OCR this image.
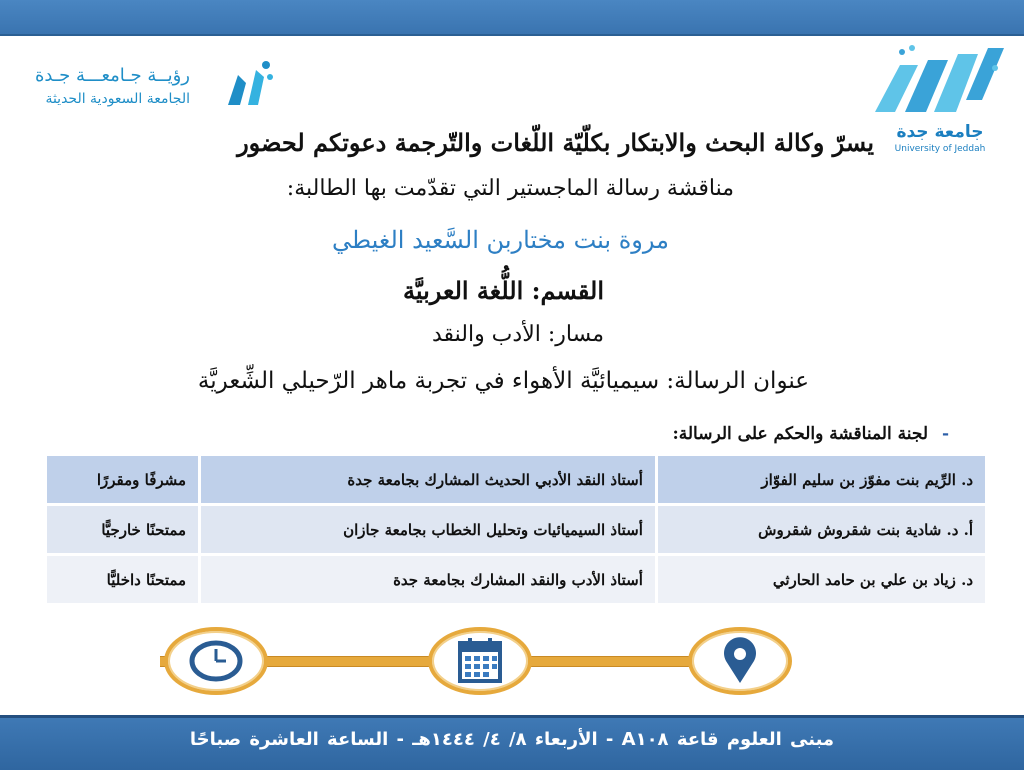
رؤيــة جـامعـــة جـدة
الجامعة السعودية الحديثة
جامعة جدة
University of Jeddah
يسرّ وكالة البحث والابتكار بكلّيّة اللّغات والتّرجمة دعوتكم لحضور
مناقشة رسالة الماجستير التي تقدّمت بها الطالبة:
مروة بنت مختاربن السَّعيد الغيطي
القسم: اللُّغة العربيَّة
مسار: الأدب والنقد
عنوان الرسالة: سيميائيَّة الأهواء في تجربة ماهر الرّحيلي الشِّعريَّة
- لجنة المناقشة والحكم على الرسالة:
د. الرِّيم بنت مفوّز بن سليم الفوّاز	أستاذ النقد الأدبي الحديث المشارك بجامعة جدة	مشرفًا ومقررًا
أ. د. شادية بنت شقروش شقروش	أستاذ السيميائيات وتحليل الخطاب بجامعة جازان	ممتحنًا خارجيًّا
د. زياد بن علي بن حامد الحارثي	أستاذ الأدب والنقد المشارك بجامعة جدة	ممتحنًا داخليًّا
مبنى العلوم قاعة A١٠٨ - الأربعاء ٨/ ٤/ ١٤٤٤هـ - الساعة العاشرة صباحًا
